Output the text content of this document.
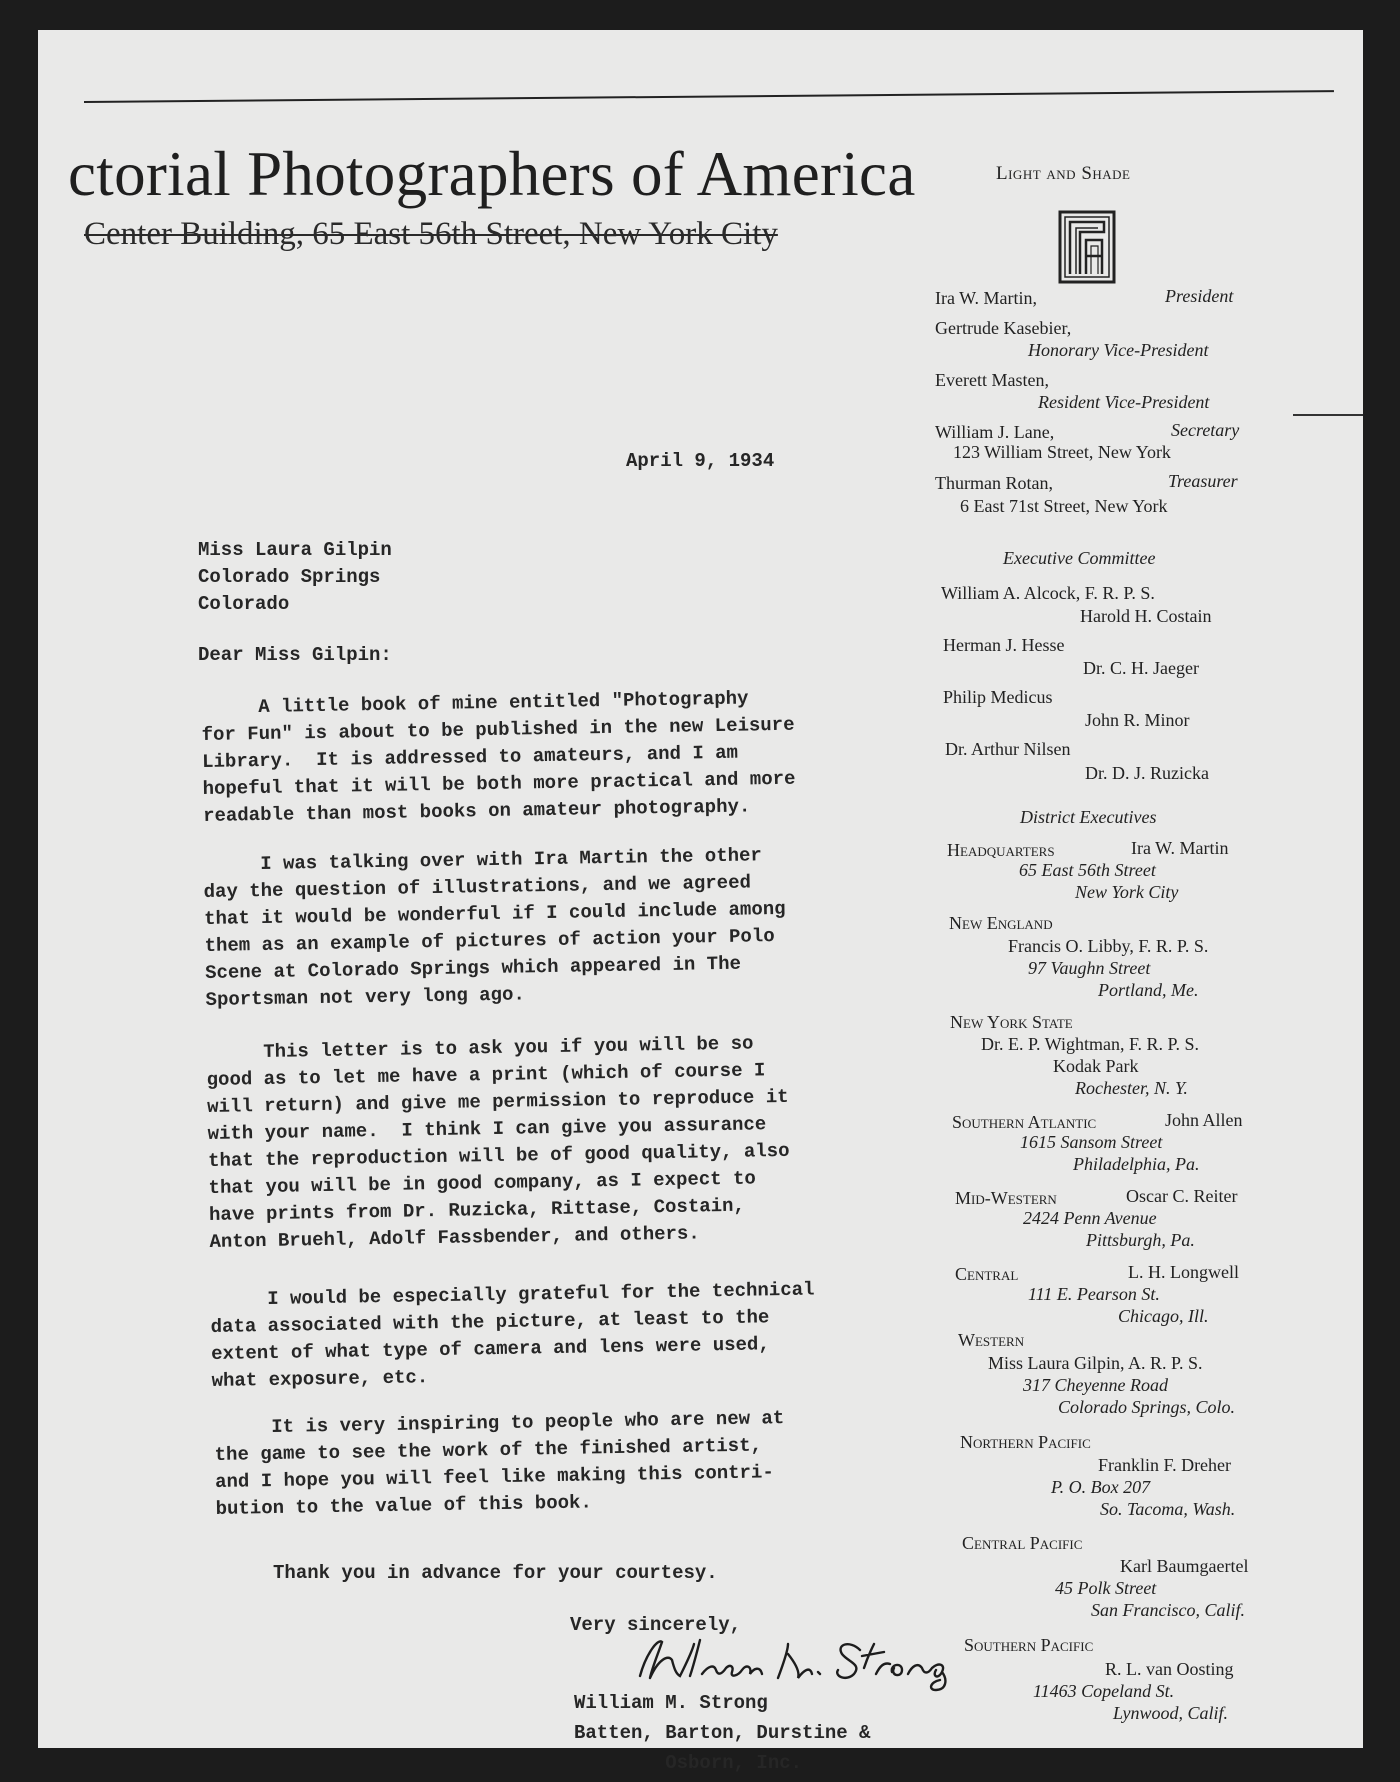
ctorial Photographers of America
Center Building, 65 East 56th Street, New York City
Light and Shade
Ira W. Martin,	President
Gertrude Kasebier,
Honorary Vice-President
Everett Masten,
Resident Vice-President
William J. Lane,	Secretary
123 William Street, New York
Thurman Rotan,	Treasurer
6 East 71st Street, New York
Executive Committee
William A. Alcock, F. R. P. S.
Harold H. Costain
Herman J. Hesse
Dr. C. H. Jaeger
Philip Medicus
John R. Minor
Dr. Arthur Nilsen
Dr. D. J. Ruzicka
District Executives
Headquarters	Ira W. Martin
65 East 56th Street
New York City
New England
Francis O. Libby, F. R. P. S.
97 Vaughn Street
Portland, Me.
New York State
Dr. E. P. Wightman, F. R. P. S.
Kodak Park
Rochester, N. Y.
Southern Atlantic	John Allen
1615 Sansom Street
Philadelphia, Pa.
Mid-Western	Oscar C. Reiter
2424 Penn Avenue
Pittsburgh, Pa.
Central	L. H. Longwell
111 E. Pearson St.
Chicago, Ill.
Western
Miss Laura Gilpin, A. R. P. S.
317 Cheyenne Road
Colorado Springs, Colo.
Northern Pacific
Franklin F. Dreher
P. O. Box 207
So. Tacoma, Wash.
Central Pacific
Karl Baumgaertel
45 Polk Street
San Francisco, Calif.
Southern Pacific
R. L. van Oosting
11463 Copeland St.
Lynwood, Calif.
April 9, 1934
Miss Laura Gilpin
Colorado Springs
Colorado
Dear Miss Gilpin:
A little book of mine entitled "Photography
for Fun" is about to be published in the new Leisure
Library.  It is addressed to amateurs, and I am
hopeful that it will be both more practical and more
readable than most books on amateur photography.
I was talking over with Ira Martin the other
day the question of illustrations, and we agreed
that it would be wonderful if I could include among
them as an example of pictures of action your Polo
Scene at Colorado Springs which appeared in The
Sportsman not very long ago.
This letter is to ask you if you will be so
good as to let me have a print (which of course I
will return) and give me permission to reproduce it
with your name.  I think I can give you assurance
that the reproduction will be of good quality, also
that you will be in good company, as I expect to
have prints from Dr. Ruzicka, Rittase, Costain,
Anton Bruehl, Adolf Fassbender, and others.
I would be especially grateful for the technical
data associated with the picture, at least to the
extent of what type of camera and lens were used,
what exposure, etc.
It is very inspiring to people who are new at
the game to see the work of the finished artist,
and I hope you will feel like making this contri-
bution to the value of this book.
Thank you in advance for your courtesy.
Very sincerely,
William M. Strong
Batten, Barton, Durstine &
Osborn, Inc.
